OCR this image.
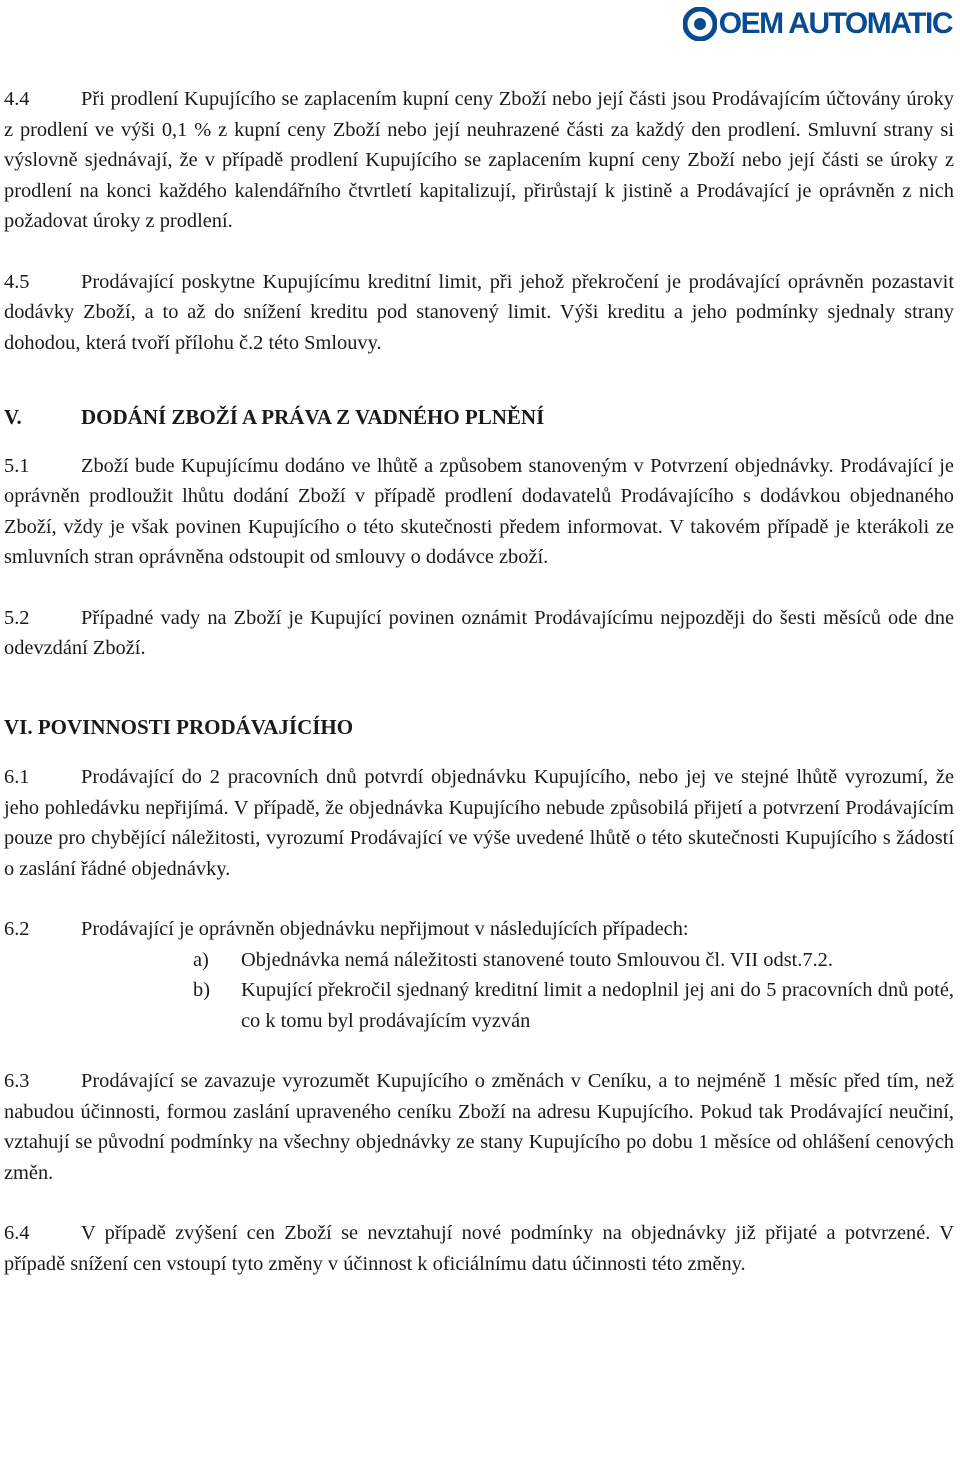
OEM AUTOMATIC

4.4	Při prodlení Kupujícího se zaplacením kupní ceny Zboží nebo její části jsou Prodávajícím účtovány úroky z prodlení ve výši 0,1 % z kupní ceny Zboží nebo její neuhrazené části za každý den prodlení. Smluvní strany si výslovně sjednávají, že v případě prodlení Kupujícího se zaplacením kupní ceny Zboží nebo její části se úroky z prodlení na konci každého kalendářního čtvrtletí kapitalizují, přirůstají k jistině a Prodávající je oprávněn z nich požadovat úroky z prodlení.

4.5	Prodávající poskytne Kupujícímu kreditní limit, při jehož překročení je prodávající oprávněn pozastavit dodávky Zboží, a to až do snížení kreditu pod stanovený limit. Výši kreditu a jeho podmínky sjednaly strany dohodou, která tvoří přílohu č.2 této Smlouvy.

V.	DODÁNÍ ZBOŽÍ A PRÁVA Z VADNÉHO PLNĚNÍ

5.1	Zboží bude Kupujícímu dodáno ve lhůtě a způsobem stanoveným v Potvrzení objednávky. Prodávající je oprávněn prodloužit lhůtu dodání Zboží v případě prodlení dodavatelů Prodávajícího s dodávkou objednaného Zboží, vždy je však povinen Kupujícího o této skutečnosti předem informovat. V takovém případě je kterákoli ze smluvních stran oprávněna odstoupit od smlouvy o dodávce zboží.

5.2	Případné vady na Zboží je Kupující povinen oznámit Prodávajícímu nejpozději do šesti měsíců ode dne odevzdání Zboží.

VI. POVINNOSTI PRODÁVAJÍCÍHO

6.1	Prodávající do 2 pracovních dnů potvrdí objednávku Kupujícího, nebo jej ve stejné lhůtě vyrozumí, že jeho pohledávku nepřijímá. V případě, že objednávka Kupujícího nebude způsobilá přijetí a potvrzení Prodávajícím pouze pro chybějící náležitosti, vyrozumí Prodávající ve výše uvedené lhůtě o této skutečnosti Kupujícího s žádostí o zaslání řádné objednávky.

6.2	Prodávající je oprávněn objednávku nepřijmout v následujících případech:

a) Objednávka nemá náležitosti stanovené touto Smlouvou čl. VII odst.7.2.
b) Kupující překročil sjednaný kreditní limit a nedoplnil jej ani do 5 pracovních dnů poté, co k tomu byl prodávajícím vyzván

6.3	Prodávající se zavazuje vyrozumět Kupujícího o změnách v Ceníku, a to nejméně 1 měsíc před tím, než nabudou účinnosti, formou zaslání upraveného ceníku Zboží na adresu Kupujícího. Pokud tak Prodávající neučiní, vztahují se původní podmínky na všechny objednávky ze stany Kupujícího po dobu 1 měsíce od ohlášení cenových změn.

6.4	V případě zvýšení cen Zboží se nevztahují nové podmínky na objednávky již přijaté a potvrzené. V případě snížení cen vstoupí tyto změny v účinnost k oficiálnímu datu účinnosti této změny.
